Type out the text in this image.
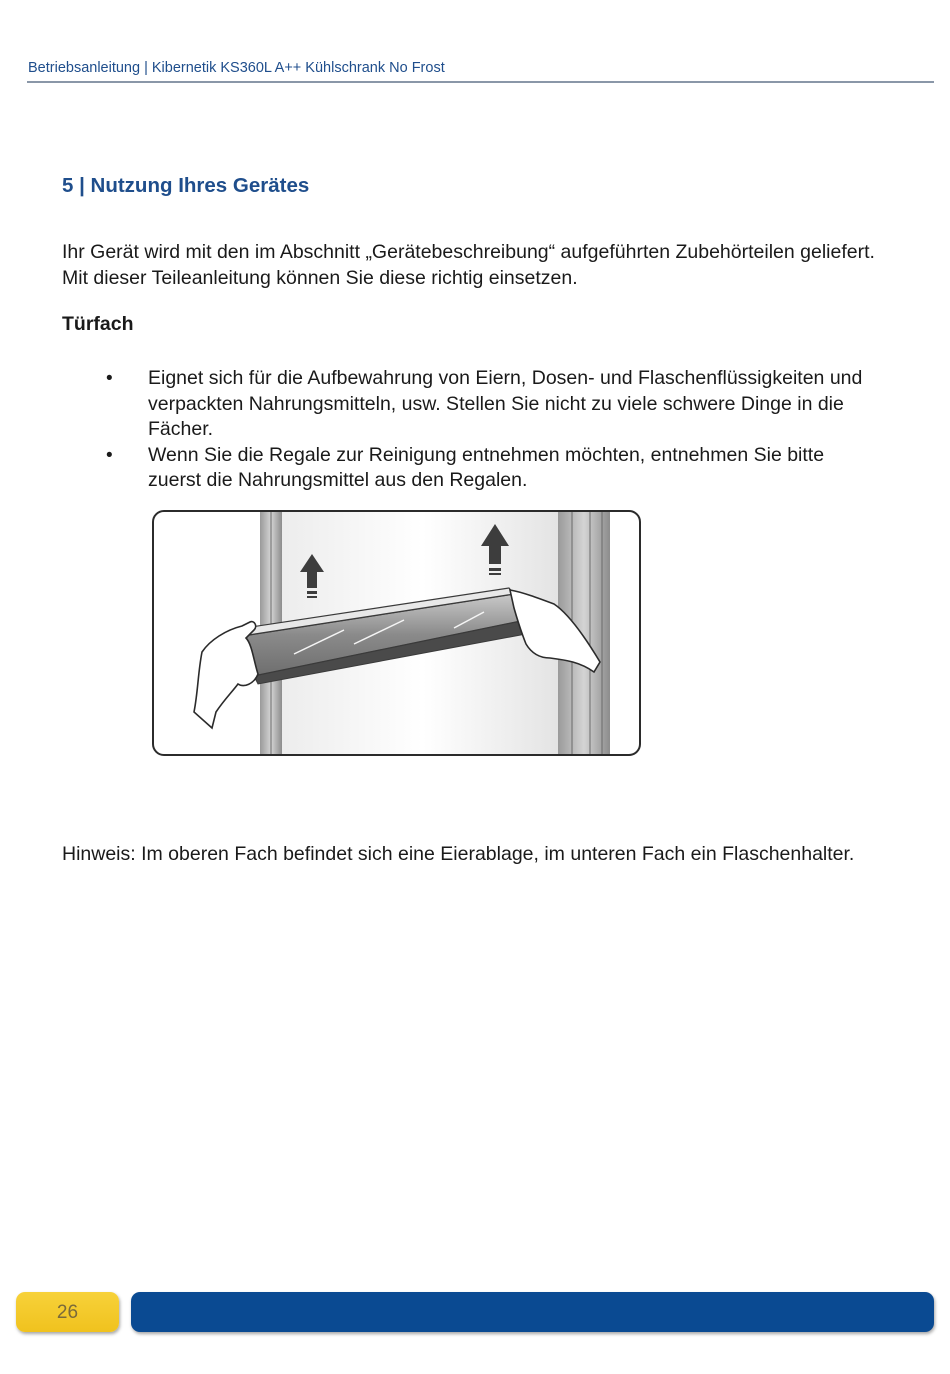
Betriebsanleitung | Kibernetik KS360L A++ Kühlschrank No Frost
5 | Nutzung Ihres Gerätes

Ihr Gerät wird mit den im Abschnitt „Gerätebeschreibung“ aufgeführten Zubehörteilen geliefert. Mit dieser Teileanleitung können Sie diese richtig einsetzen.

Türfach
• Eignet sich für die Aufbewahrung von Eiern, Dosen- und Flaschenflüssigkeiten und verpackten Nahrungsmitteln, usw. Stellen Sie nicht zu viele schwere Dinge in die Fächer.
• Wenn Sie die Regale zur Reinigung entnehmen möchten, entnehmen Sie bitte zuerst die Nahrungsmittel aus den Regalen.

Hinweis: Im oberen Fach befindet sich eine Eierablage, im unteren Fach ein Flaschenhalter.

26
